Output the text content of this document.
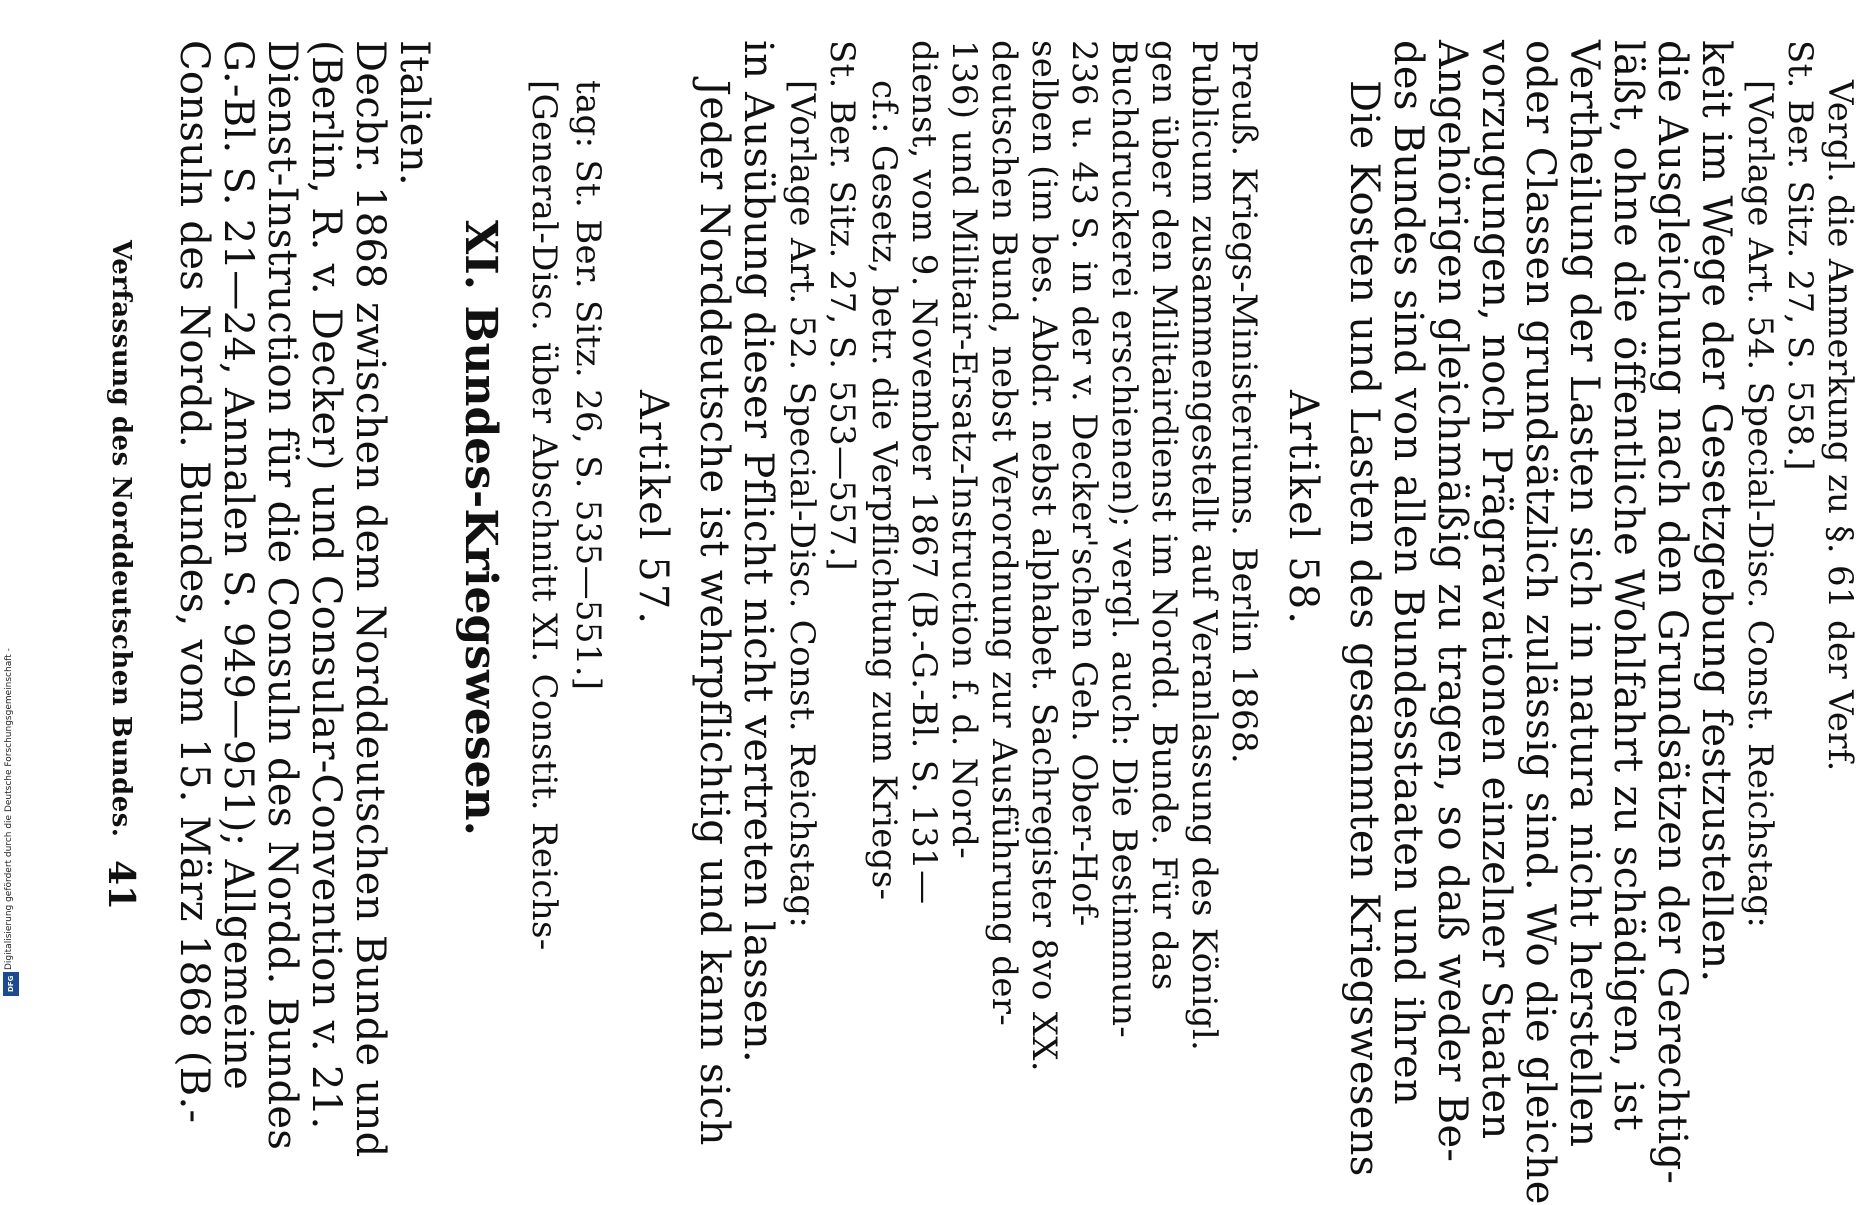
Verfassung des Norddeutschen Bundes.
41 Consuln des Nordd. Bundes, vom 15. März 1868 (B.-
G.-Bl. S. 21—24, Annalen S. 949—951); Allgemeine
Dienst-Instruction für die Consuln des Nordd. Bundes
(Berlin, R. v. Decker) und Consular-Convention v. 21.
Decbr. 1868 zwischen dem Norddeutschen Bunde und
Italien.
XI. Bundes-Kriegswesen. [General-Disc. über Abschnitt XI. Constit. Reichs- tag: St. Ber. Sitz. 26, S. 535—551.] Artikel 57. Jeder Norddeutsche ist wehrpflichtig und kann sich
in Ausübung dieser Pflicht nicht vertreten lassen. [Vorlage Art. 52. Special-Disc. Const. Reichstag: St. Ber. Sitz. 27, S. 553—557.] cf.: Gesetz, betr. die Verpflichtung zum Kriegs- dienst, vom 9. November 1867 (B.-G.-Bl. S. 131— 136) und Militair-Ersatz-Instruction f. d. Nord- deutschen Bund, nebst Verordnung zur Ausführung der- selben (im bes. Abdr. nebst alphabet. Sachregister 8vo XX. 236 u. 43 S. in der v. Decker'schen Geh. Ober-Hof- Buchdruckerei erschienen); vergl. auch: Die Bestimmun- gen über den Militairdienst im Nordd. Bunde. Für das Publicum zusammengestellt auf Veranlassung des Königl. Preuß. Kriegs-Ministeriums. Berlin 1868. Artikel 58. Die Kosten und Lasten des gesammten Kriegswesens
des Bundes sind von allen Bundesstaaten und ihren
Angehörigen gleichmäßig zu tragen, so daß weder Be-
vorzugungen, noch Prägravationen einzelner Staaten
oder Classen grundsätzlich zulässig sind. Wo die gleiche
Vertheilung der Lasten sich in natura nicht herstellen
läßt, ohne die öffentliche Wohlfahrt zu schädigen, ist
die Ausgleichung nach den Grundsätzen der Gerechtig-
keit im Wege der Gesetzgebung festzustellen. [Vorlage Art. 54. Special-Disc. Const. Reichstag: St. Ber. Sitz. 27, S. 558.] Vergl. die Anmerkung zu §. 61 der Verf.
Digitalisierung gefördert durch die Deutsche Forschungsgemeinschaft -
DFG
